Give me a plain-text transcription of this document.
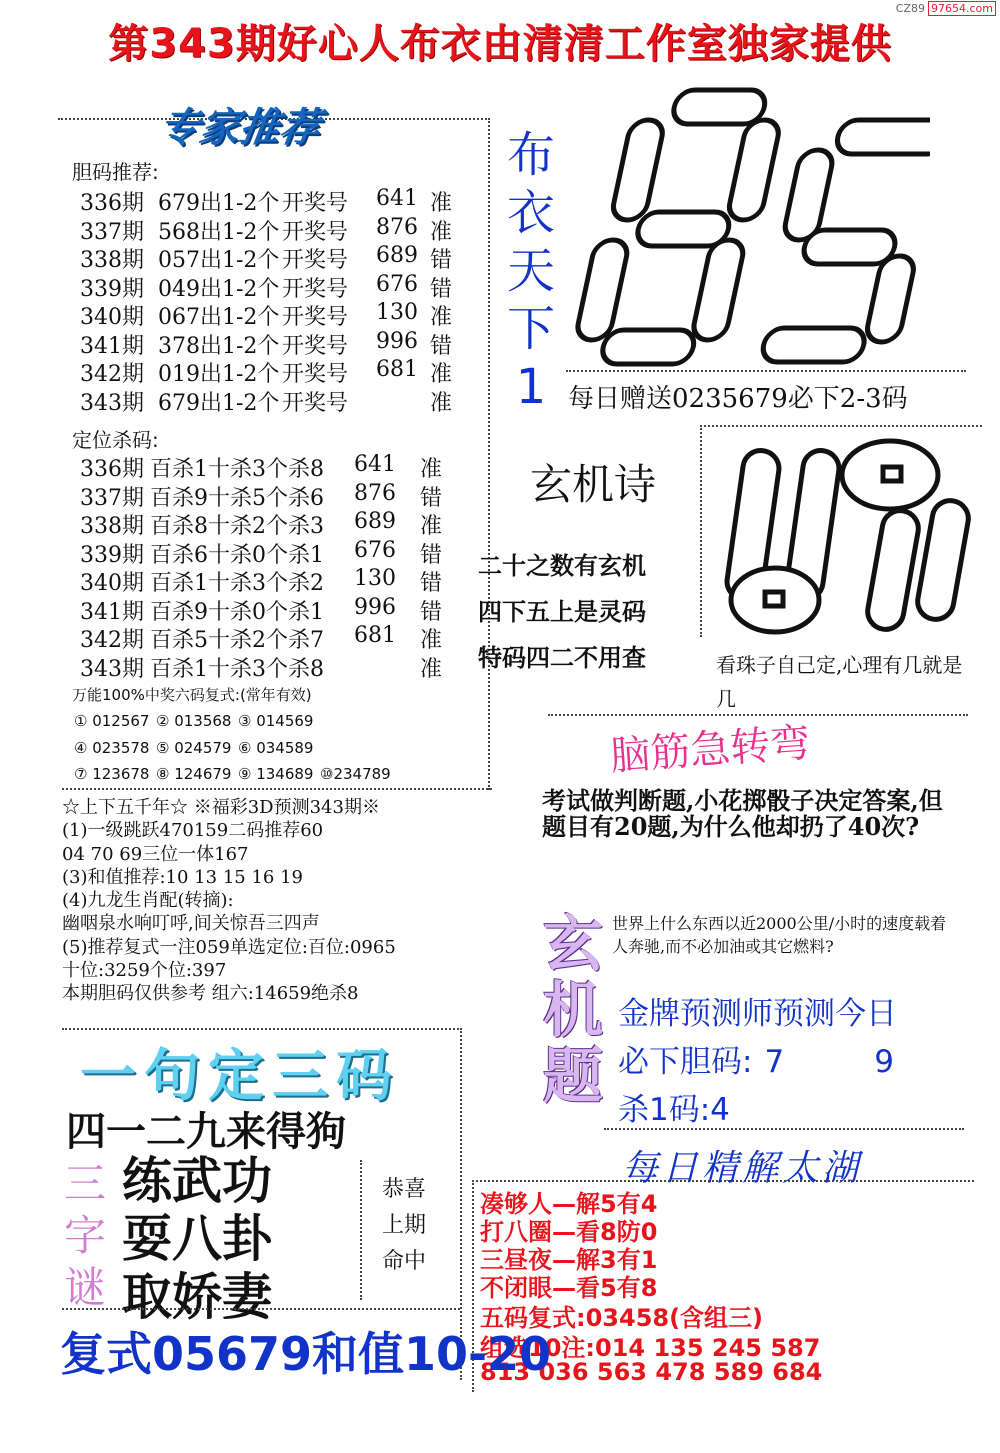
第343期好心人布衣由清清工作室独家提供
CZ89 97654.com
专家推荐
胆码推荐:
336期 679出1-2个 开奖号 641 准
337期 568出1-2个 开奖号 876 准
338期 057出1-2个 开奖号 689 错
339期 049出1-2个 开奖号 676 错
340期 067出1-2个 开奖号 130 准
341期 378出1-2个 开奖号 996 错
342期 019出1-2个 开奖号 681 准
343期 679出1-2个 开奖号	准
定位杀码:
336期 百杀1十杀3个杀8 641 准
337期 百杀9十杀5个杀6 876 错
338期 百杀8十杀2个杀3 689 准
339期 百杀6十杀0个杀1 676 错
340期 百杀1十杀3个杀2 130 错
341期 百杀9十杀0个杀1 996 错
342期 百杀5十杀2个杀7 681 准
343期 百杀1十杀3个杀8	准
万能100%中奖六码复式:(常年有效)
① 012567 ② 013568 ③ 014569
④ 023578 ⑤ 024579 ⑥ 034589
⑦ 123678 ⑧ 124679 ⑨ 134689 ⑩234789
☆上下五千年☆ ※福彩3D预测343期※
(1)一级跳跃470159二码推荐60
04 70 69三位一体167
(3)和值推荐:10 13 15 16 19
(4)九龙生肖配(转摘):
幽咽泉水响叮呼,间关惊吾三四声
(5)推荐复式一注059单选定位:百位:0965
十位:3259个位:397
本期胆码仅供参考 组六:14659绝杀8
布
衣
天
下
1 每日赠送0235679必下2-3码
玄机诗
二十之数有玄机
四下五上是灵码
特码四二不用查	看珠子自己定,心理有几就是几
脑筋急转弯
考试做判断题,小花掷骰子决定答案,但题目有20题,为什么他却扔了40次?
玄
机
题
世界上什么东西以近2000公里/小时的速度载着人奔驰,而不必加油或其它燃料?
金牌预测师预测今日
必下胆码: 7	9
杀1码:4
每日精解太湖
凑够人—解5有4
打八圈—看8防0
三昼夜—解3有1
不闭眼—看5有8
五码复式:03458(含组三)
组选10注:014 135 245 587
813 036 563 478 589 684
一句定三码
四一二九来得狗
三
字
谜
练武功
耍八卦
取娇妻
恭喜
上期
命中
复式05679和值10-20
